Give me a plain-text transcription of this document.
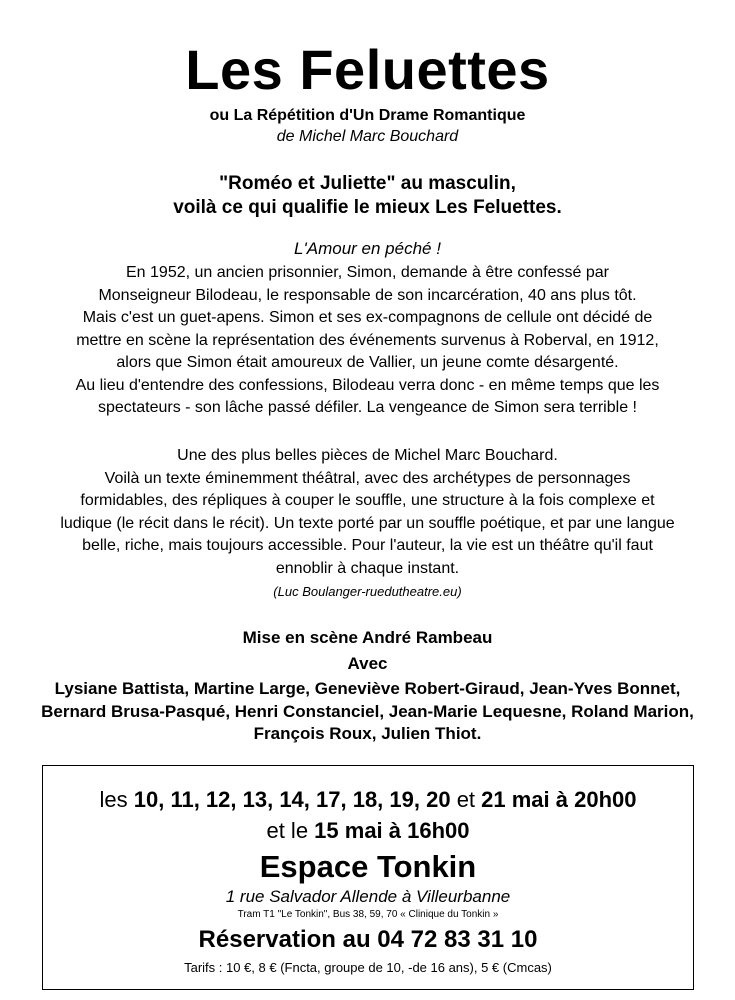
Les Feluettes

ou La Répétition d'Un Drame Romantique

de Michel Marc Bouchard

"Roméo et Juliette" au masculin,

voilà ce qui qualifie le mieux Les Feluettes.

L'Amour en péché !

En 1952, un ancien prisonnier, Simon, demande à être confessé par
Monseigneur Bilodeau, le responsable de son incarcération, 40 ans plus tôt.
Mais c'est un guet-apens. Simon et ses ex-compagnons de cellule ont décidé de
mettre en scène la représentation des événements survenus à Roberval, en 1912,
alors que Simon était amoureux de Vallier, un jeune comte désargenté.
Au lieu d'entendre des confessions, Bilodeau verra donc - en même temps que les
spectateurs - son lâche passé défiler. La vengeance de Simon sera terrible !
Une des plus belles pièces de Michel Marc Bouchard.
Voilà un texte éminemment théâtral, avec des archétypes de personnages
formidables, des répliques à couper le souffle, une structure à la fois complexe et
ludique (le récit dans le récit). Un texte porté par un souffle poétique, et par une langue
belle, riche, mais toujours accessible. Pour l'auteur, la vie est un théâtre qu'il faut
ennoblir à chaque instant.

(Luc Boulanger-ruedutheatre.eu)

Mise en scène André Rambeau

Avec

Lysiane Battista, Martine Large, Geneviève Robert-Giraud, Jean-Yves Bonnet,
Bernard Brusa-Pasqué, Henri Constanciel, Jean-Marie Lequesne, Roland Marion,
François Roux, Julien Thiot.

les 10, 11, 12, 13, 14, 17, 18, 19, 20 et 21 mai à 20h00

et le 15 mai à 16h00

Espace Tonkin

1 rue Salvador Allende à Villeurbanne

Tram T1 "Le Tonkin", Bus 38, 59, 70 « Clinique du Tonkin »

Réservation au 04 72 83 31 10

Tarifs : 10 €, 8 € (Fncta, groupe de 10, -de 16 ans), 5 € (Cmcas)
